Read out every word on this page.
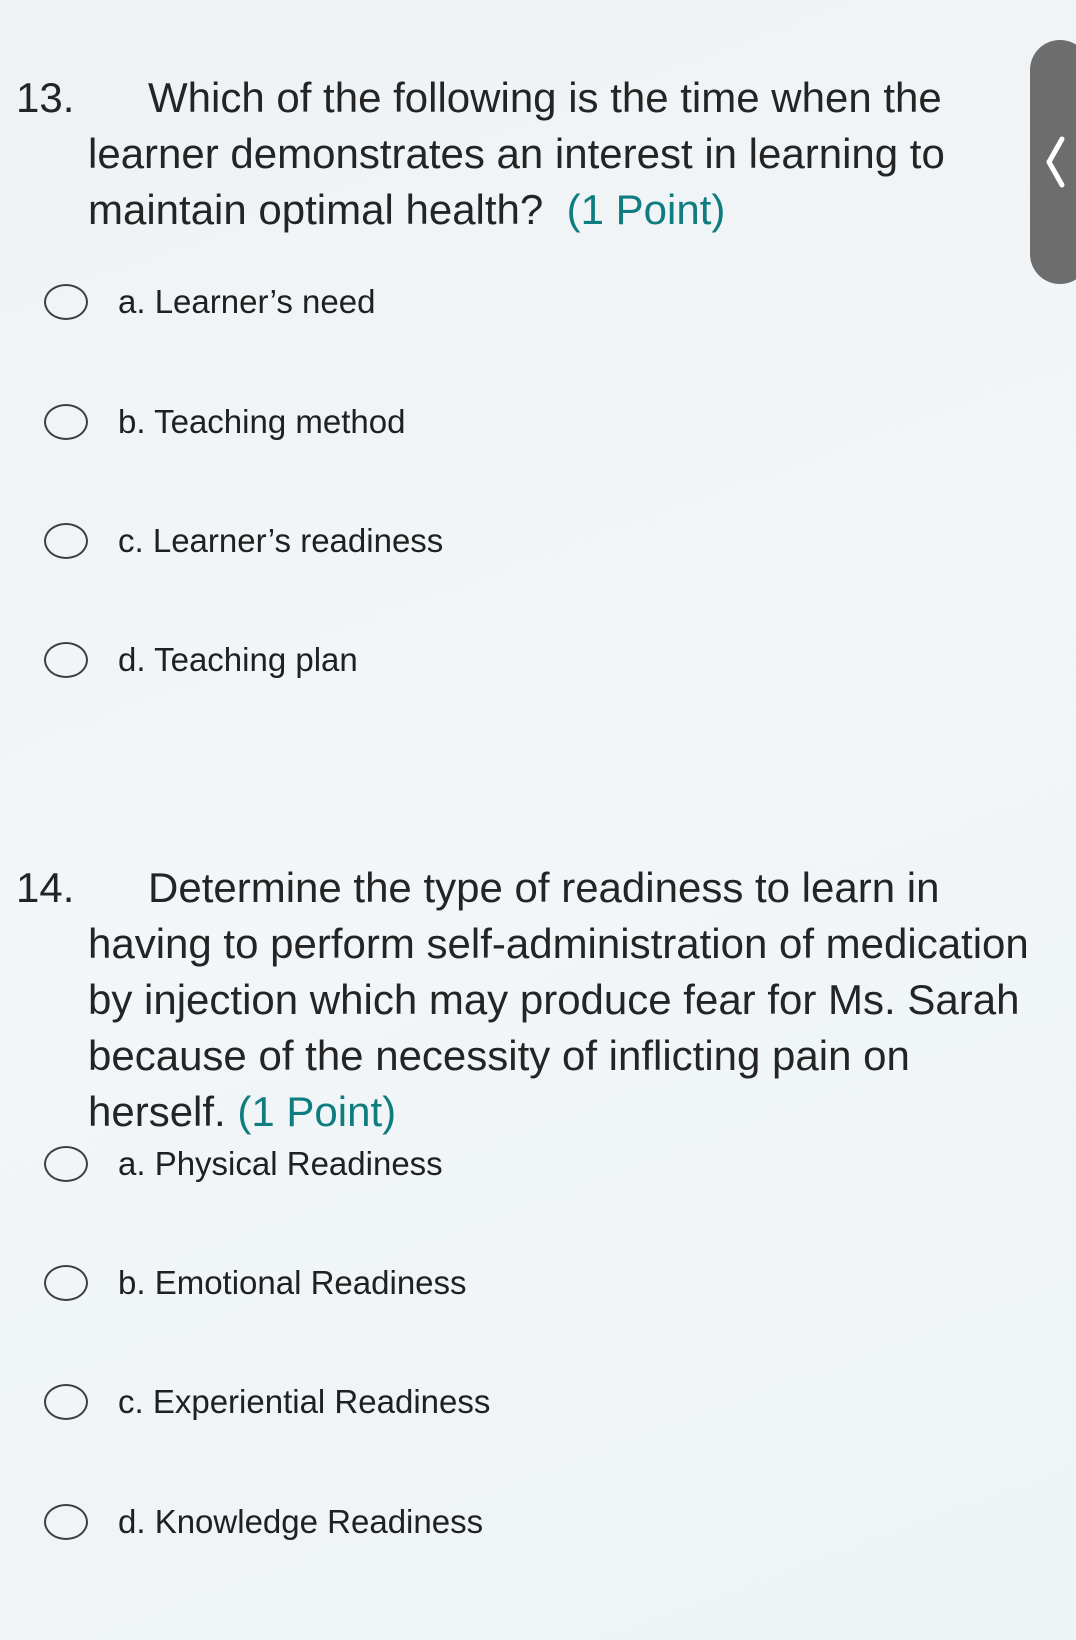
13.	Which of the following is the time when the learner demonstrates an interest in learning to maintain optimal health? (1 Point)
a. Learner’s need
b. Teaching method
c. Learner’s readiness
d. Teaching plan
14.	Determine the type of readiness to learn in having to perform self-administration of medication by injection which may produce fear for Ms. Sarah because of the necessity of inflicting pain on herself. (1 Point)
a. Physical Readiness
b. Emotional Readiness
c. Experiential Readiness
d. Knowledge Readiness
